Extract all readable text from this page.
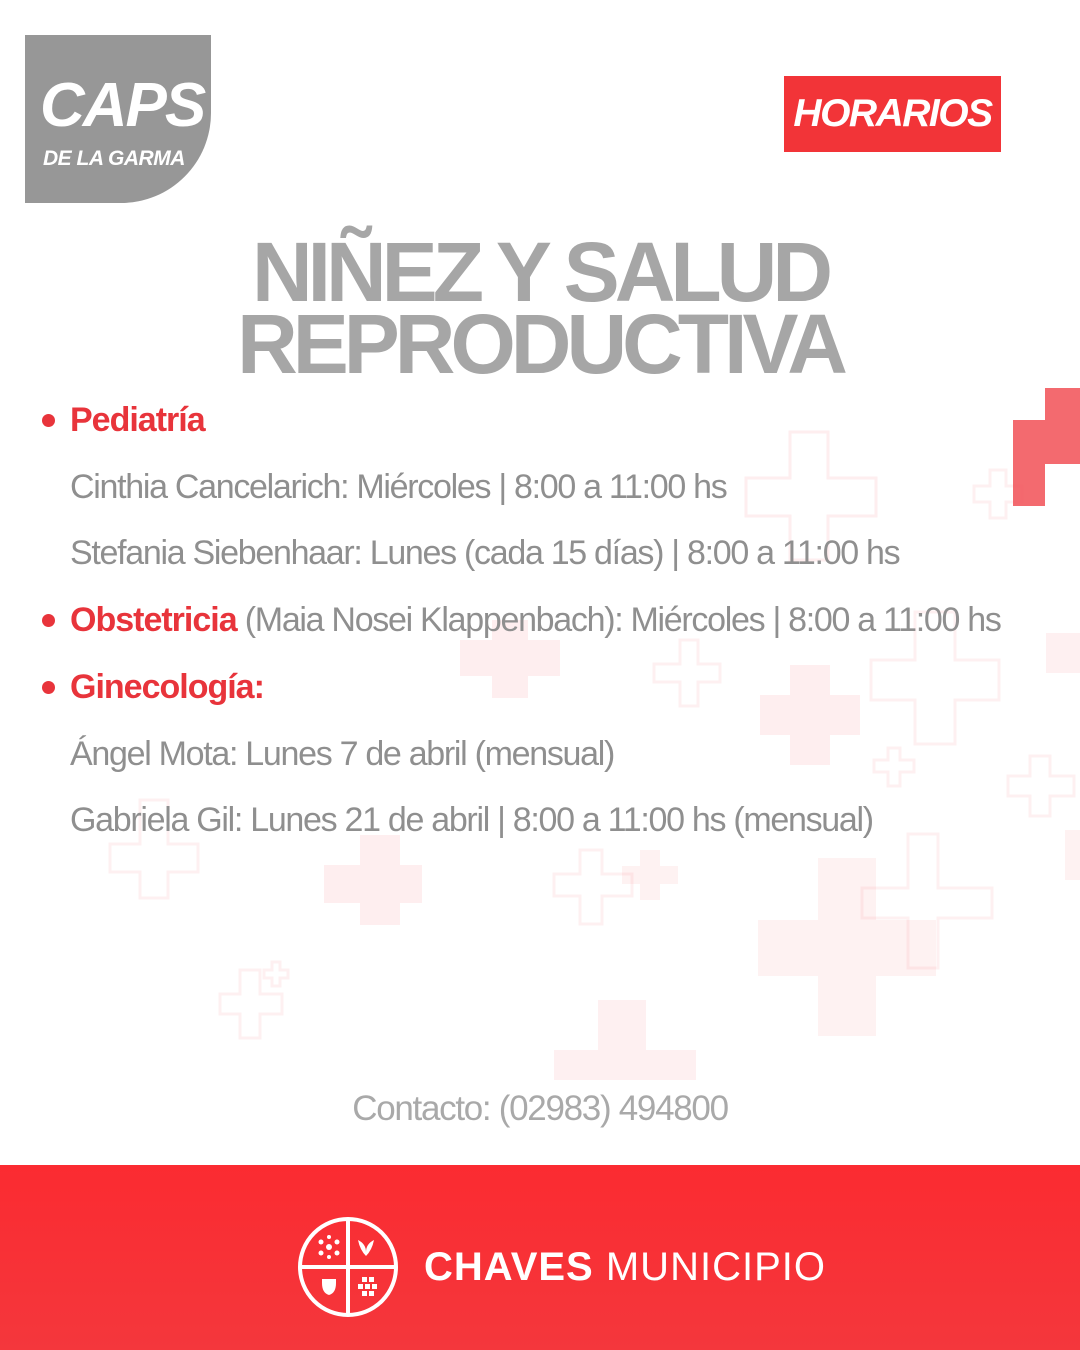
CAPS
DE LA GARMA
HORARIOS
NIÑEZ Y SALUD
REPRODUCTIVA
Pediatría
Cinthia Cancelarich: Miércoles | 8:00 a 11:00 hs
Stefania Siebenhaar: Lunes (cada 15 días) | 8:00 a 11:00 hs
Obstetricia (Maia Nosei Klappenbach): Miércoles | 8:00 a 11:00 hs
Ginecología:
Ángel Mota: Lunes 7 de abril (mensual)
Gabriela Gil: Lunes 21 de abril | 8:00 a 11:00 hs (mensual)
Contacto: (02983) 494800
CHAVES MUNICIPIO
